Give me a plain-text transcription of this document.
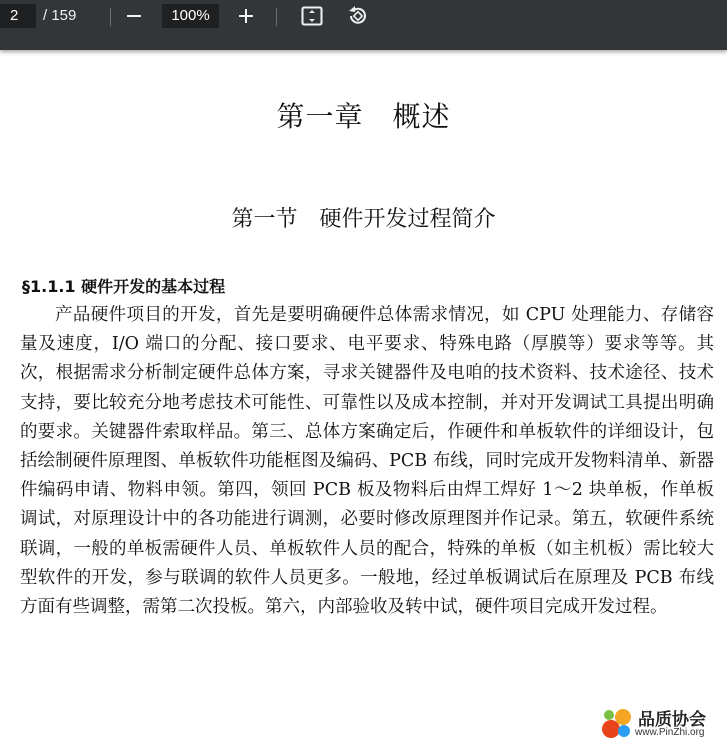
2	/ 159	100%
第一章　概述
第一节　硬件开发过程简介
§1.1.1 硬件开发的基本过程

产品硬件项目的开发，首先是要明确硬件总体需求情况，如 CPU 处理能力、存储容量及速度，I/O 端口的分配、接口要求、电平要求、特殊电路（厚膜等）要求等等。其次，根据需求分析制定硬件总体方案，寻求关键器件及电咱的技术资料、技术途径、技术支持，要比较充分地考虑技术可能性、可靠性以及成本控制，并对开发调试工具提出明确的要求。关键器件索取样品。第三、总体方案确定后，作硬件和单板软件的详细设计，包括绘制硬件原理图、单板软件功能框图及编码、PCB 布线，同时完成开发物料清单、新器件编码申请、物料申领。第四，领回 PCB 板及物料后由焊工焊好 1～2 块单板，作单板调试，对原理设计中的各功能进行调测，必要时修改原理图并作记录。第五，软硬件系统联调，一般的单板需硬件人员、单板软件人员的配合，特殊的单板（如主机板）需比较大型软件的开发，参与联调的软件人员更多。一般地，经过单板调试后在原理及 PCB 布线方面有些调整，需第二次投板。第六，内部验收及转中试，硬件项目完成开发过程。

品质协会
www.PinZhi.org
